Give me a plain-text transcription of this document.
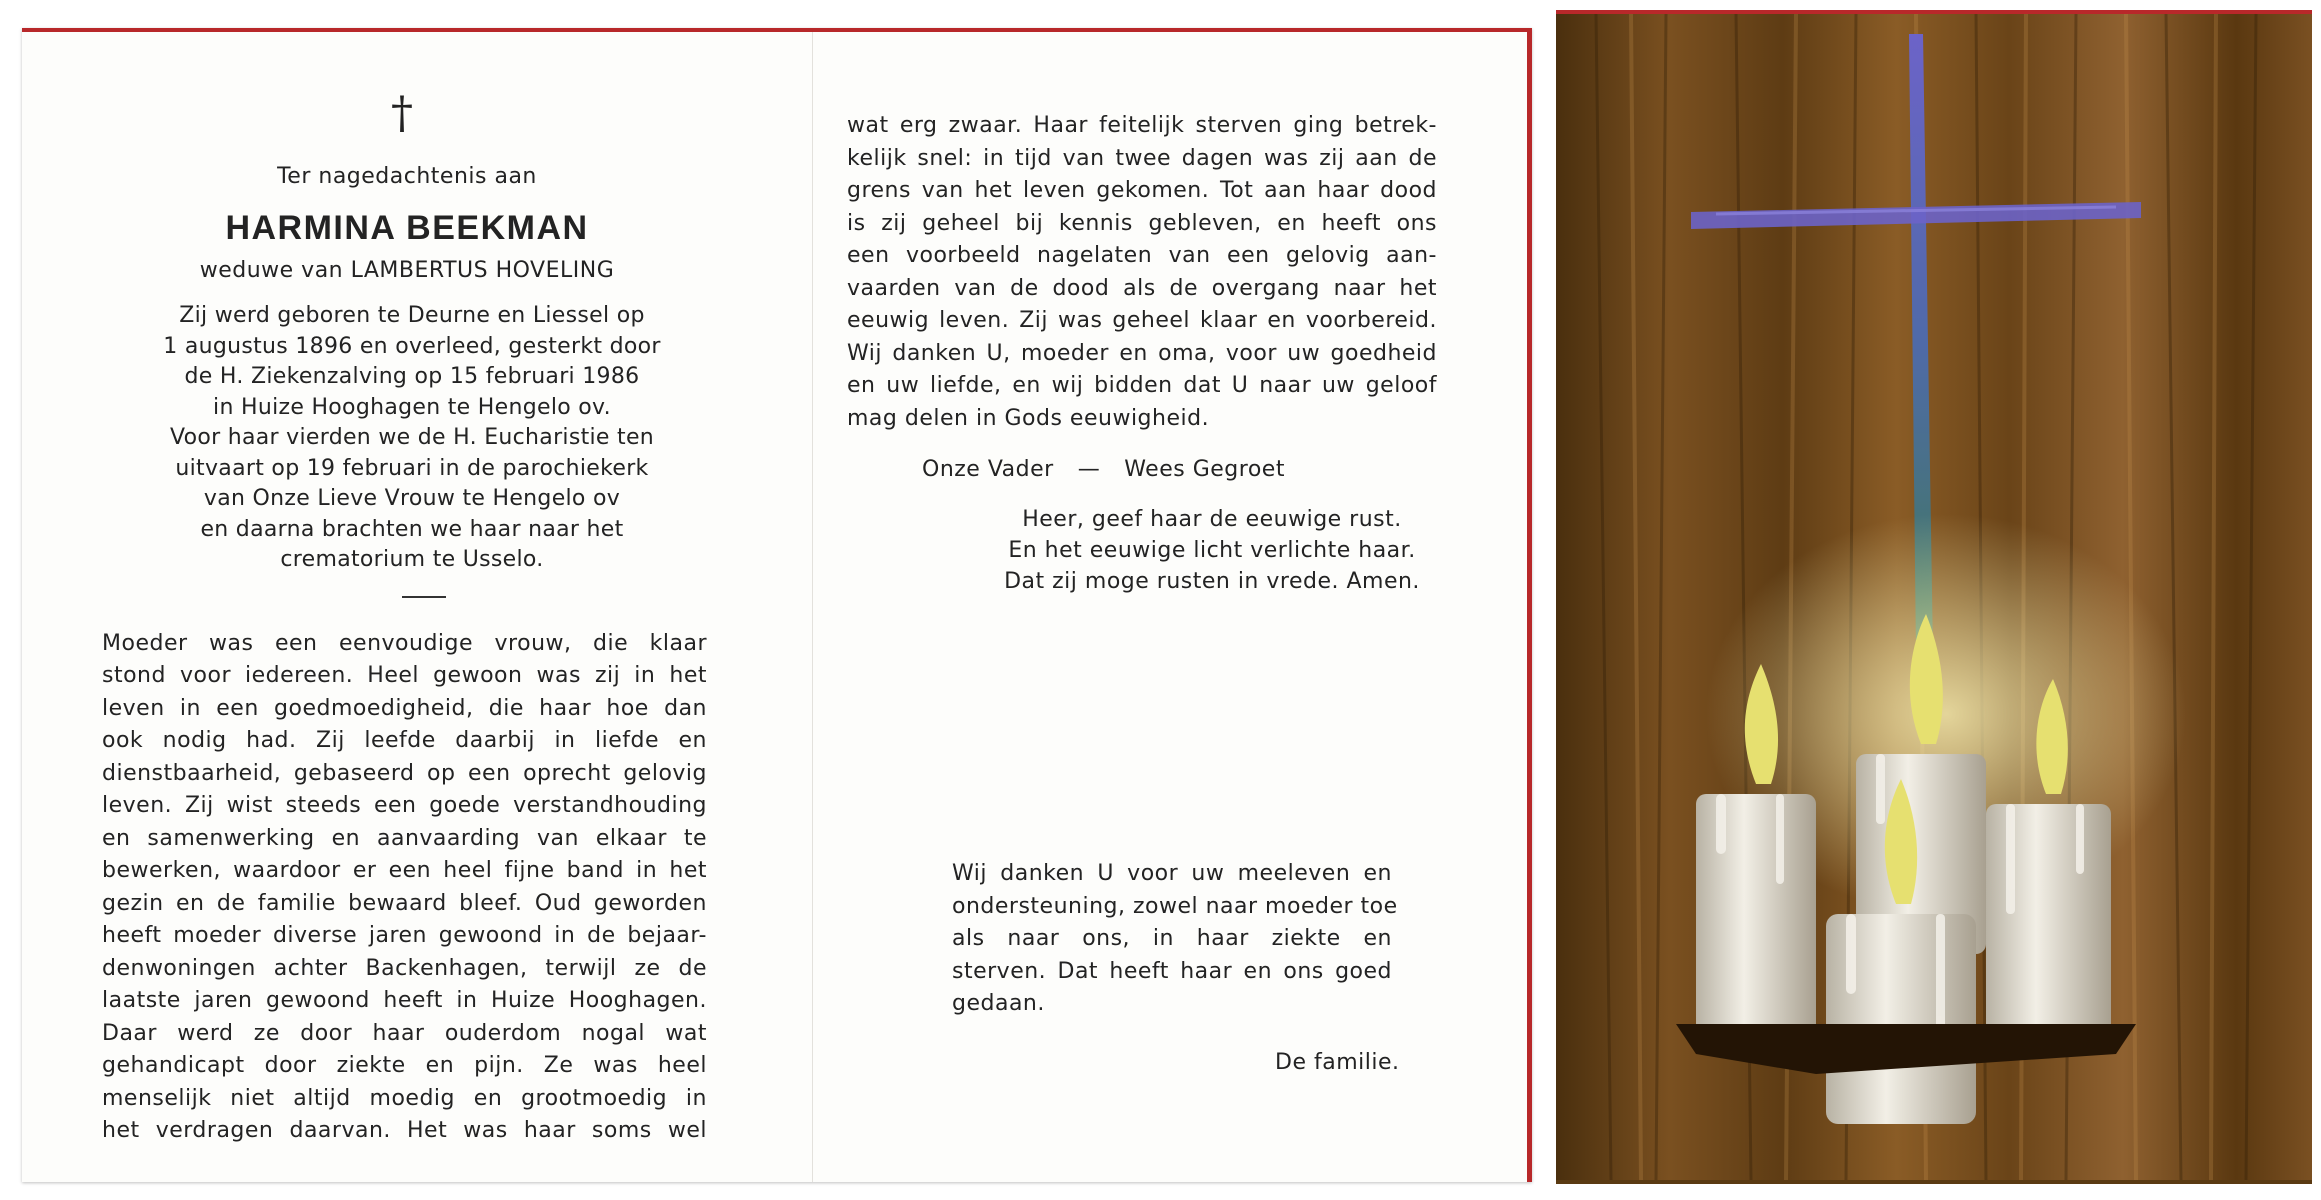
†
Ter nagedachtenis aan
HARMINA BEEKMAN
weduwe van LAMBERTUS HOVELING
Zij werd geboren te Deurne en Liessel op
1 augustus 1896 en overleed, gesterkt door
de H. Ziekenzalving op 15 februari 1986
in Huize Hooghagen te Hengelo ov.
Voor haar vierden we de H. Eucharistie ten
uitvaart op 19 februari in de parochiekerk
van Onze Lieve Vrouw te Hengelo ov
en daarna brachten we haar naar het
crematorium te Usselo.
Moeder was een eenvoudige vrouw, die klaar
stond voor iedereen. Heel gewoon was zij in het
leven in een goedmoedigheid, die haar hoe dan
ook nodig had. Zij leefde daarbij in liefde en
dienstbaarheid, gebaseerd op een oprecht gelovig
leven. Zij wist steeds een goede verstandhouding
en samenwerking en aanvaarding van elkaar te
bewerken, waardoor er een heel fijne band in het
gezin en de familie bewaard bleef. Oud geworden
heeft moeder diverse jaren gewoond in de bejaar-
denwoningen achter Backenhagen, terwijl ze de
laatste jaren gewoond heeft in Huize Hooghagen.
Daar werd ze door haar ouderdom nogal wat
gehandicapt door ziekte en pijn. Ze was heel
menselijk niet altijd moedig en grootmoedig in
het verdragen daarvan. Het was haar soms wel
wat erg zwaar. Haar feitelijk sterven ging betrek-
kelijk snel: in tijd van twee dagen was zij aan de
grens van het leven gekomen. Tot aan haar dood
is zij geheel bij kennis gebleven, en heeft ons
een voorbeeld nagelaten van een gelovig aan-
vaarden van de dood als de overgang naar het
eeuwig leven. Zij was geheel klaar en voorbereid.
Wij danken U, moeder en oma, voor uw goedheid
en uw liefde, en wij bidden dat U naar uw geloof
mag delen in Gods eeuwigheid.
Onze Vader — Wees Gegroet
Heer, geef haar de eeuwige rust.
En het eeuwige licht verlichte haar.
Dat zij moge rusten in vrede. Amen.
Wij danken U voor uw meeleven en
ondersteuning, zowel naar moeder toe
als naar ons, in haar ziekte en
sterven. Dat heeft haar en ons goed
gedaan.
De familie.
